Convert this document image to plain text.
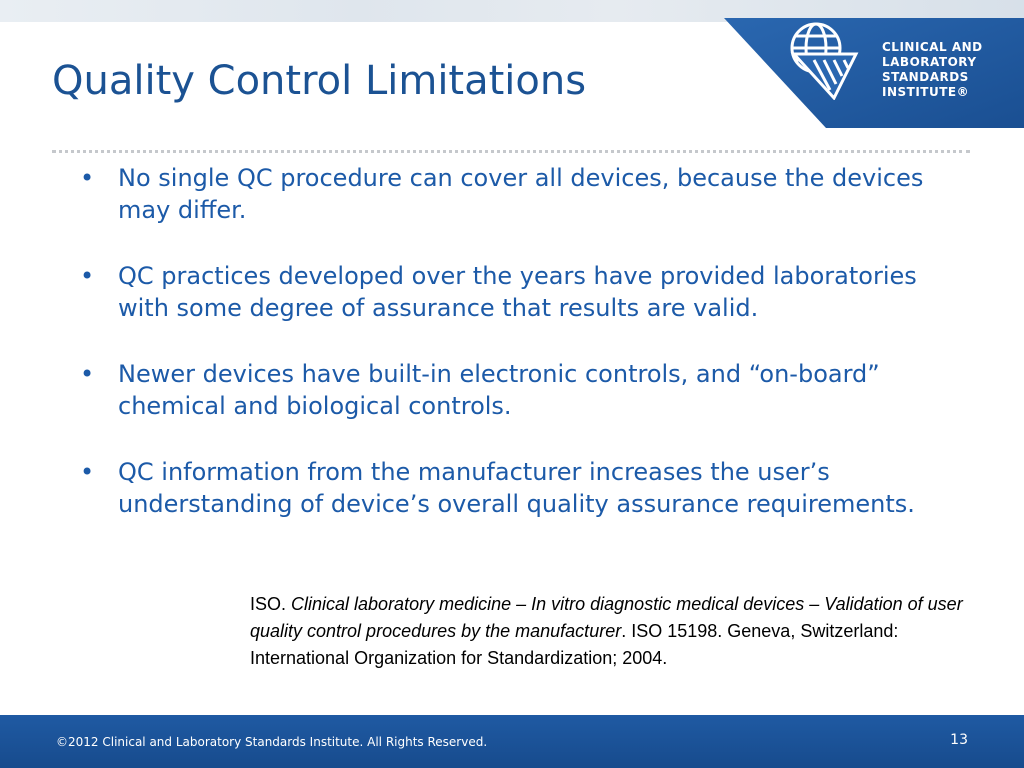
CLINICAL AND
LABORATORY
STANDARDS
INSTITUTE®
Quality Control Limitations
• No single QC procedure can cover all devices, because the devices may differ.
• QC practices developed over the years have provided laboratories with some degree of assurance that results are valid.
• Newer devices have built-in electronic controls, and “on-board” chemical and biological controls.
• QC information from the manufacturer increases the user’s understanding of device’s overall quality assurance requirements.
ISO. Clinical laboratory medicine – In vitro diagnostic medical devices – Validation of user quality control procedures by the manufacturer. ISO 15198. Geneva, Switzerland: International Organization for Standardization; 2004.
©2012 Clinical and Laboratory Standards Institute. All Rights Reserved.	13
